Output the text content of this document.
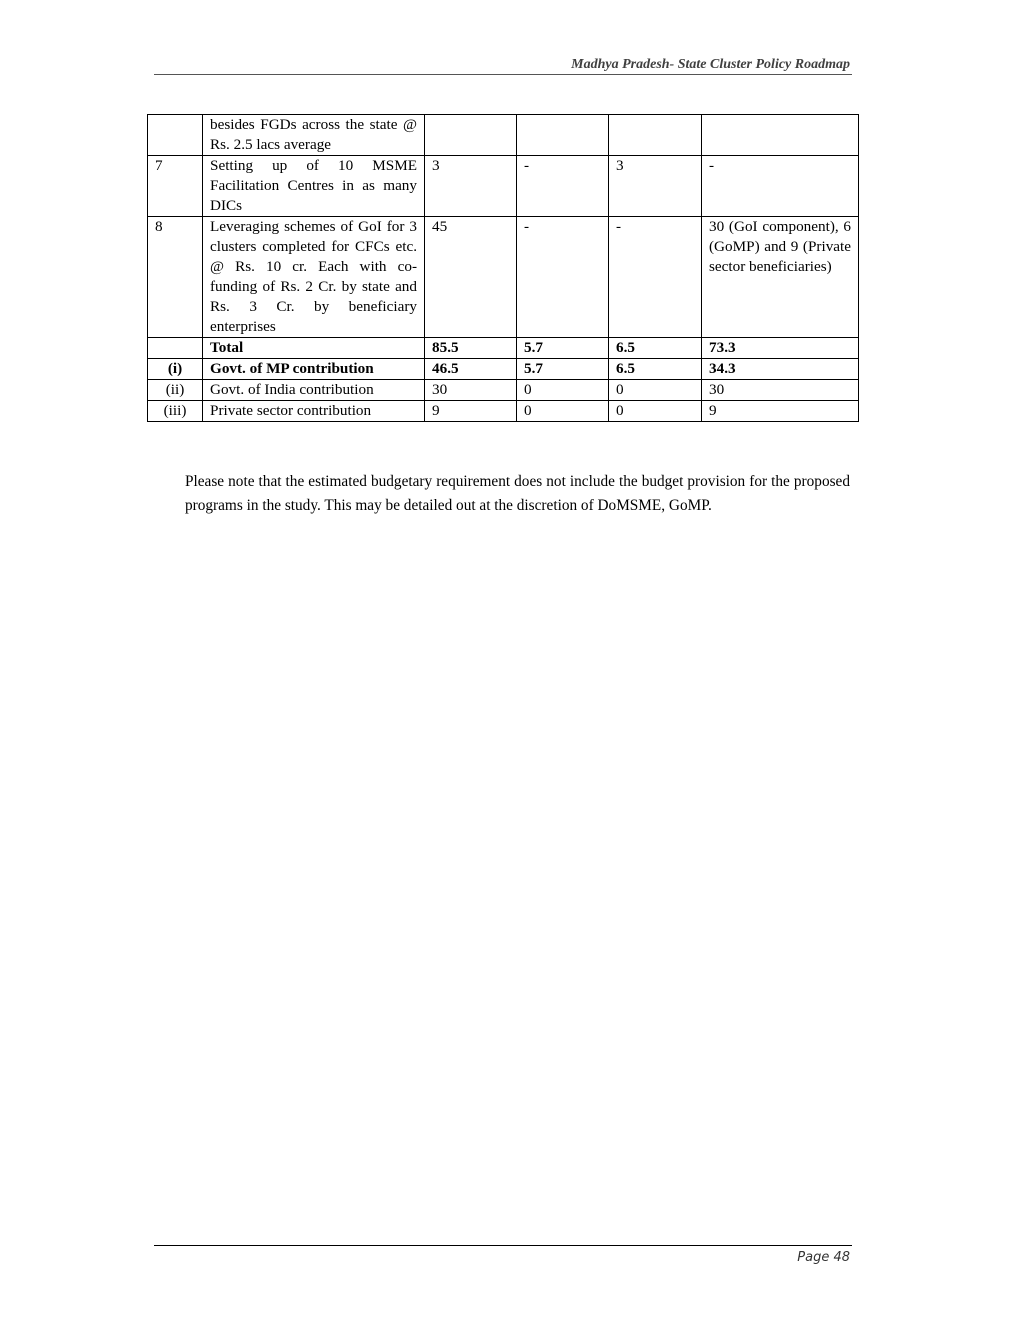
Madhya Pradesh- State Cluster Policy Roadmap
	besides FGDs across the state @ Rs. 2.5 lacs average				
7	Setting up of 10 MSME Facilitation Centres in as many DICs	3	-	3	-
8	Leveraging schemes of GoI for 3 clusters completed for CFCs etc. @ Rs. 10 cr. Each with co-funding of Rs. 2 Cr. by state and Rs. 3 Cr. by beneficiary enterprises	45	-	-	30 (GoI component), 6 (GoMP) and 9 (Private sector beneficiaries)
	Total	85.5	5.7	6.5	73.3
(i)	Govt. of MP contribution	46.5	5.7	6.5	34.3
(ii)	Govt. of India contribution	30	0	0	30
(iii)	Private sector contribution	9	0	0	9

Please note that the estimated budgetary requirement does not include the budget provision for the proposed programs in the study. This may be detailed out at the discretion of DoMSME, GoMP.

Page 48
